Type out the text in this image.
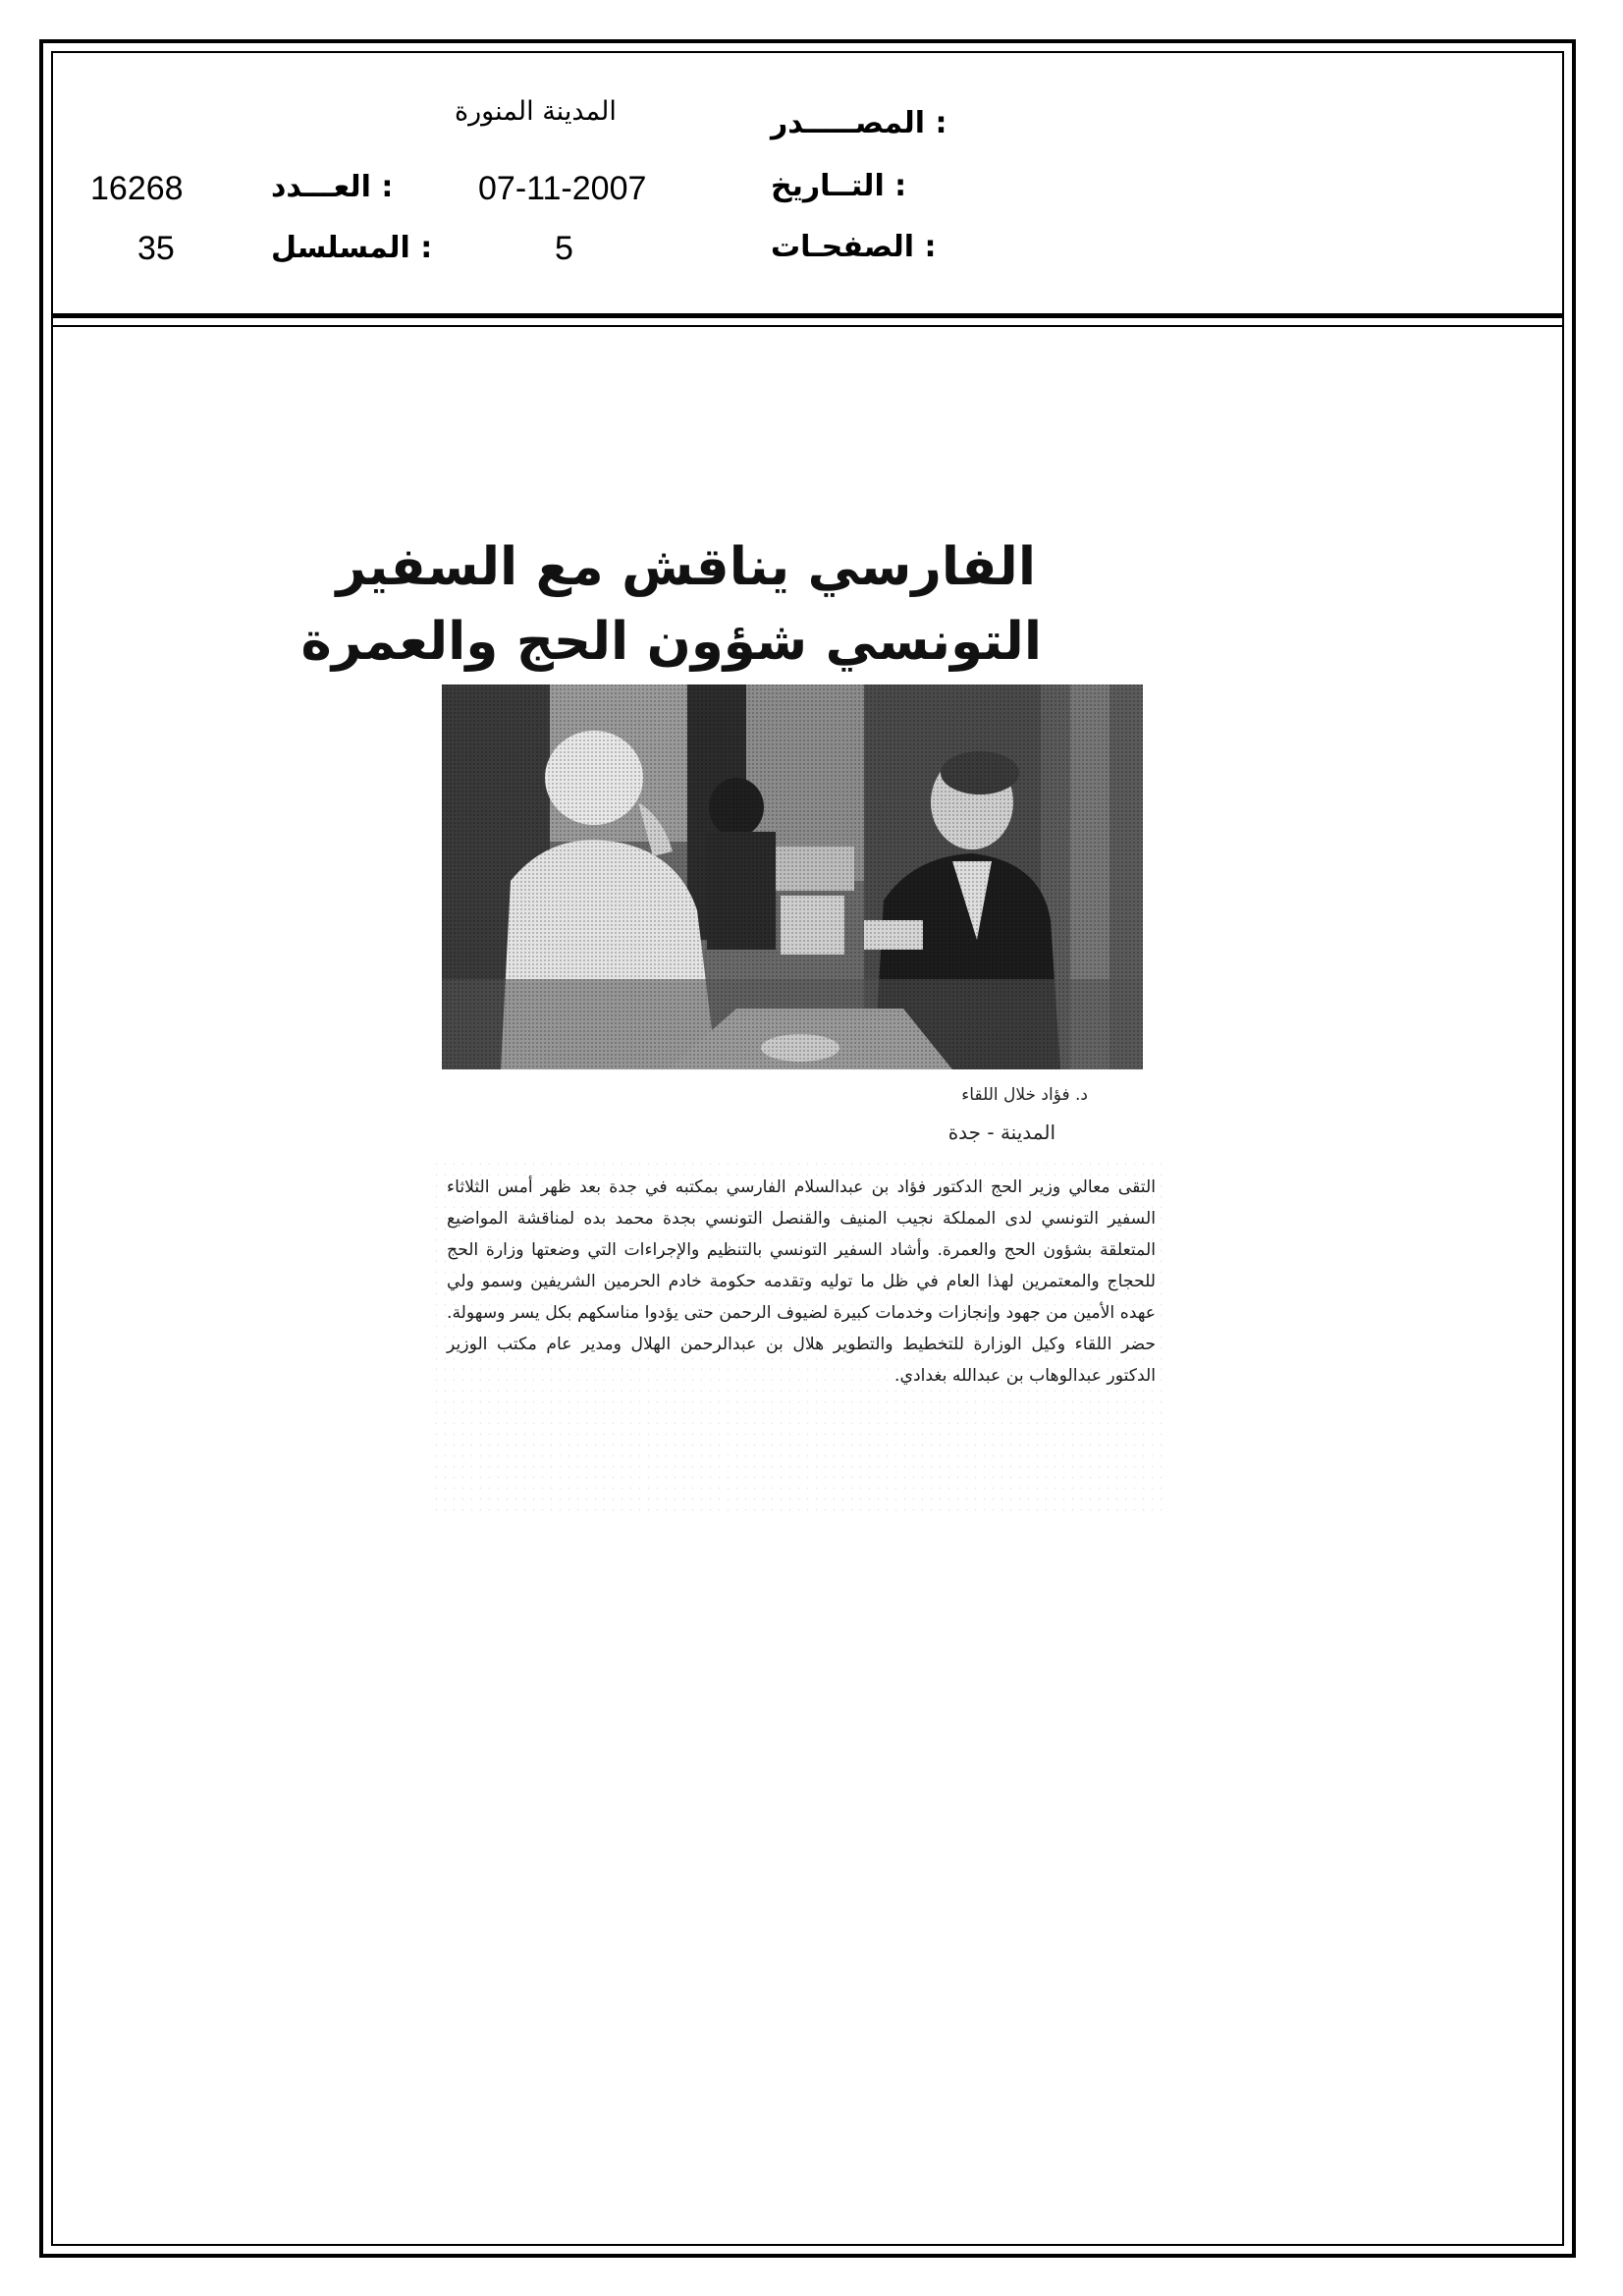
المصـــــدر :
المدينة المنورة
التــاريخ :
07-11-2007
الصفحـات :
5
العـــدد :
16268
المسلسل :
35
الفارسي يناقش مع السفير
التونسي شؤون الحج والعمرة
د. فؤاد خلال اللقاء
المدينة - جدة
التقى معالي وزير الحج الدكتور فؤاد بن عبدالسلام الفارسي بمكتبه في جدة بعد ظهر أمس الثلاثاء السفير التونسي لدى المملكة نجيب المنيف والقنصل التونسي بجدة محمد بده لمناقشة المواضيع المتعلقة بشؤون الحج والعمرة. وأشاد السفير التونسي بالتنظيم والإجراءات التي وضعتها وزارة الحج للحجاج والمعتمرين لهذا العام في ظل ما توليه وتقدمه حكومة خادم الحرمين الشريفين وسمو ولي عهده الأمين من جهود وإنجازات وخدمات كبيرة لضيوف الرحمن حتى يؤدوا مناسكهم بكل يسر وسهولة. حضر اللقاء وكيل الوزارة للتخطيط والتطوير هلال بن عبدالرحمن الهلال ومدير عام مكتب الوزير الدكتور عبدالوهاب بن عبدالله بغدادي.
